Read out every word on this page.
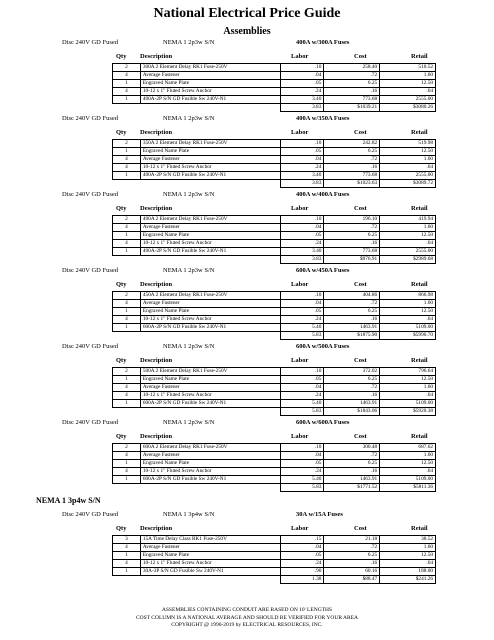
National Electrical Price Guide
Assemblies
Disc 240V GD Fused	NEMA 1 2p3w S/N	400A w/300A Fuses
Qty Description	Labor	Cost	Retail
2	300A 2 Element Delay RK1 Fuse-250V	.10	258.40	510.52
4	Average Fastener	.04	.72	1.60
1	Engraved Name Plate	.05	6.25	12.50
4	10-12 x 1" Fluted Screw Anchor	.24	.16	.64
1	400A-2P S/N GD Fusible Sw 240V-N1	3.40	773.68	2555.00
		3.83	$1039.21	$3080.26
Disc 240V GD Fused	NEMA 1 2p3w S/N	400A w/350A Fuses
Qty Description	Labor	Cost	Retail
2	350A 2 Element Delay RK1 Fuse-250V	.10	242.82	519.98
1	Engraved Name Plate	.05	6.25	12.50
4	Average Fastener	.04	.72	1.60
4	10-12 x 1" Fluted Screw Anchor	.24	.16	.64
1	400A-2P S/N GD Fusible Sw 240V-N1	3.40	773.68	2555.00
		3.83	$1023.63	$3089.72
Disc 240V GD Fused	NEMA 1 2p3w S/N	400A w/400A Fuses
Qty Description	Labor	Cost	Retail
2	400A 2 Element Delay RK1 Fuse-250V	.10	196.10	419.94
4	Average Fastener	.04	.72	1.60
1	Engraved Name Plate	.05	6.25	12.50
4	10-12 x 1" Fluted Screw Anchor	.24	.16	.64
1	400A-2P S/N GD Fusible Sw 240V-N1	3.40	773.68	2555.00
		3.83	$976.91	$2989.68
Disc 240V GD Fused	NEMA 1 2p3w S/N	600A w/450A Fuses
Qty Description	Labor	Cost	Retail
2	450A 2 Element Delay RK1 Fuse-250V	.10	404.86	866.98
4	Average Fastener	.04	.72	1.60
1	Engraved Name Plate	.05	6.25	12.50
4	10-12 x 1" Fluted Screw Anchor	.24	.16	.64
1	600A-2P S/N GD Fusible Sw 240V-N1	5.40	1463.91	5109.00
		5.83	$1875.90	$5990.70
Disc 240V GD Fused	NEMA 1 2p3w S/N	600A w/500A Fuses
Qty Description	Labor	Cost	Retail
2	500A 2 Element Delay RK1 Fuse-250V	.10	372.02	796.64
1	Engraved Name Plate	.05	6.25	12.50
4	Average Fastener	.04	.72	1.60
4	10-12 x 1" Fluted Screw Anchor	.24	.16	.64
1	600A-2P S/N GD Fusible Sw 240V-N1	5.40	1463.91	5109.00
		5.83	$1843.06	$5920.38
Disc 240V GD Fused	NEMA 1 2p3w S/N	600A w/600A Fuses
Qty Description	Labor	Cost	Retail
2	600A 2 Element Delay RK1 Fuse-250V	.10	300.48	687.62
4	Average Fastener	.04	.72	1.60
1	Engraved Name Plate	.05	6.25	12.50
4	10-12 x 1" Fluted Screw Anchor	.24	.16	.64
1	600A-2P S/N GD Fusible Sw 240V-N1	5.40	1463.91	5109.00
		5.83	$1771.52	$5811.36
NEMA 1 3p4w S/N
Disc 240V GD Fused	NEMA 1 3p4w S/N	30A w/15A Fuses
Qty Description	Labor	Cost	Retail
3	15A Time Delay Class RK1 Fuse-250V	.15	21.18	38.52
4	Average Fastener	.04	.72	1.60
1	Engraved Name Plate	.05	6.25	12.50
4	10-12 x 1" Fluted Screw Anchor	.24	.16	.64
1	30A-3P S/N GD Fusible Sw 240V-N1	.90	60.16	188.00
		1.38	$88.47	$241.26
ASSEMBLIES CONTAINING CONDUIT ARE BASED ON 10' LENGTHS
COST COLUMN IS A NATIONAL AVERAGE AND SHOULD BE VERIFIED FOR YOUR AREA
COPYRIGHT @ 1996-2019 by ELECTRICAL RESOURCES, INC.
